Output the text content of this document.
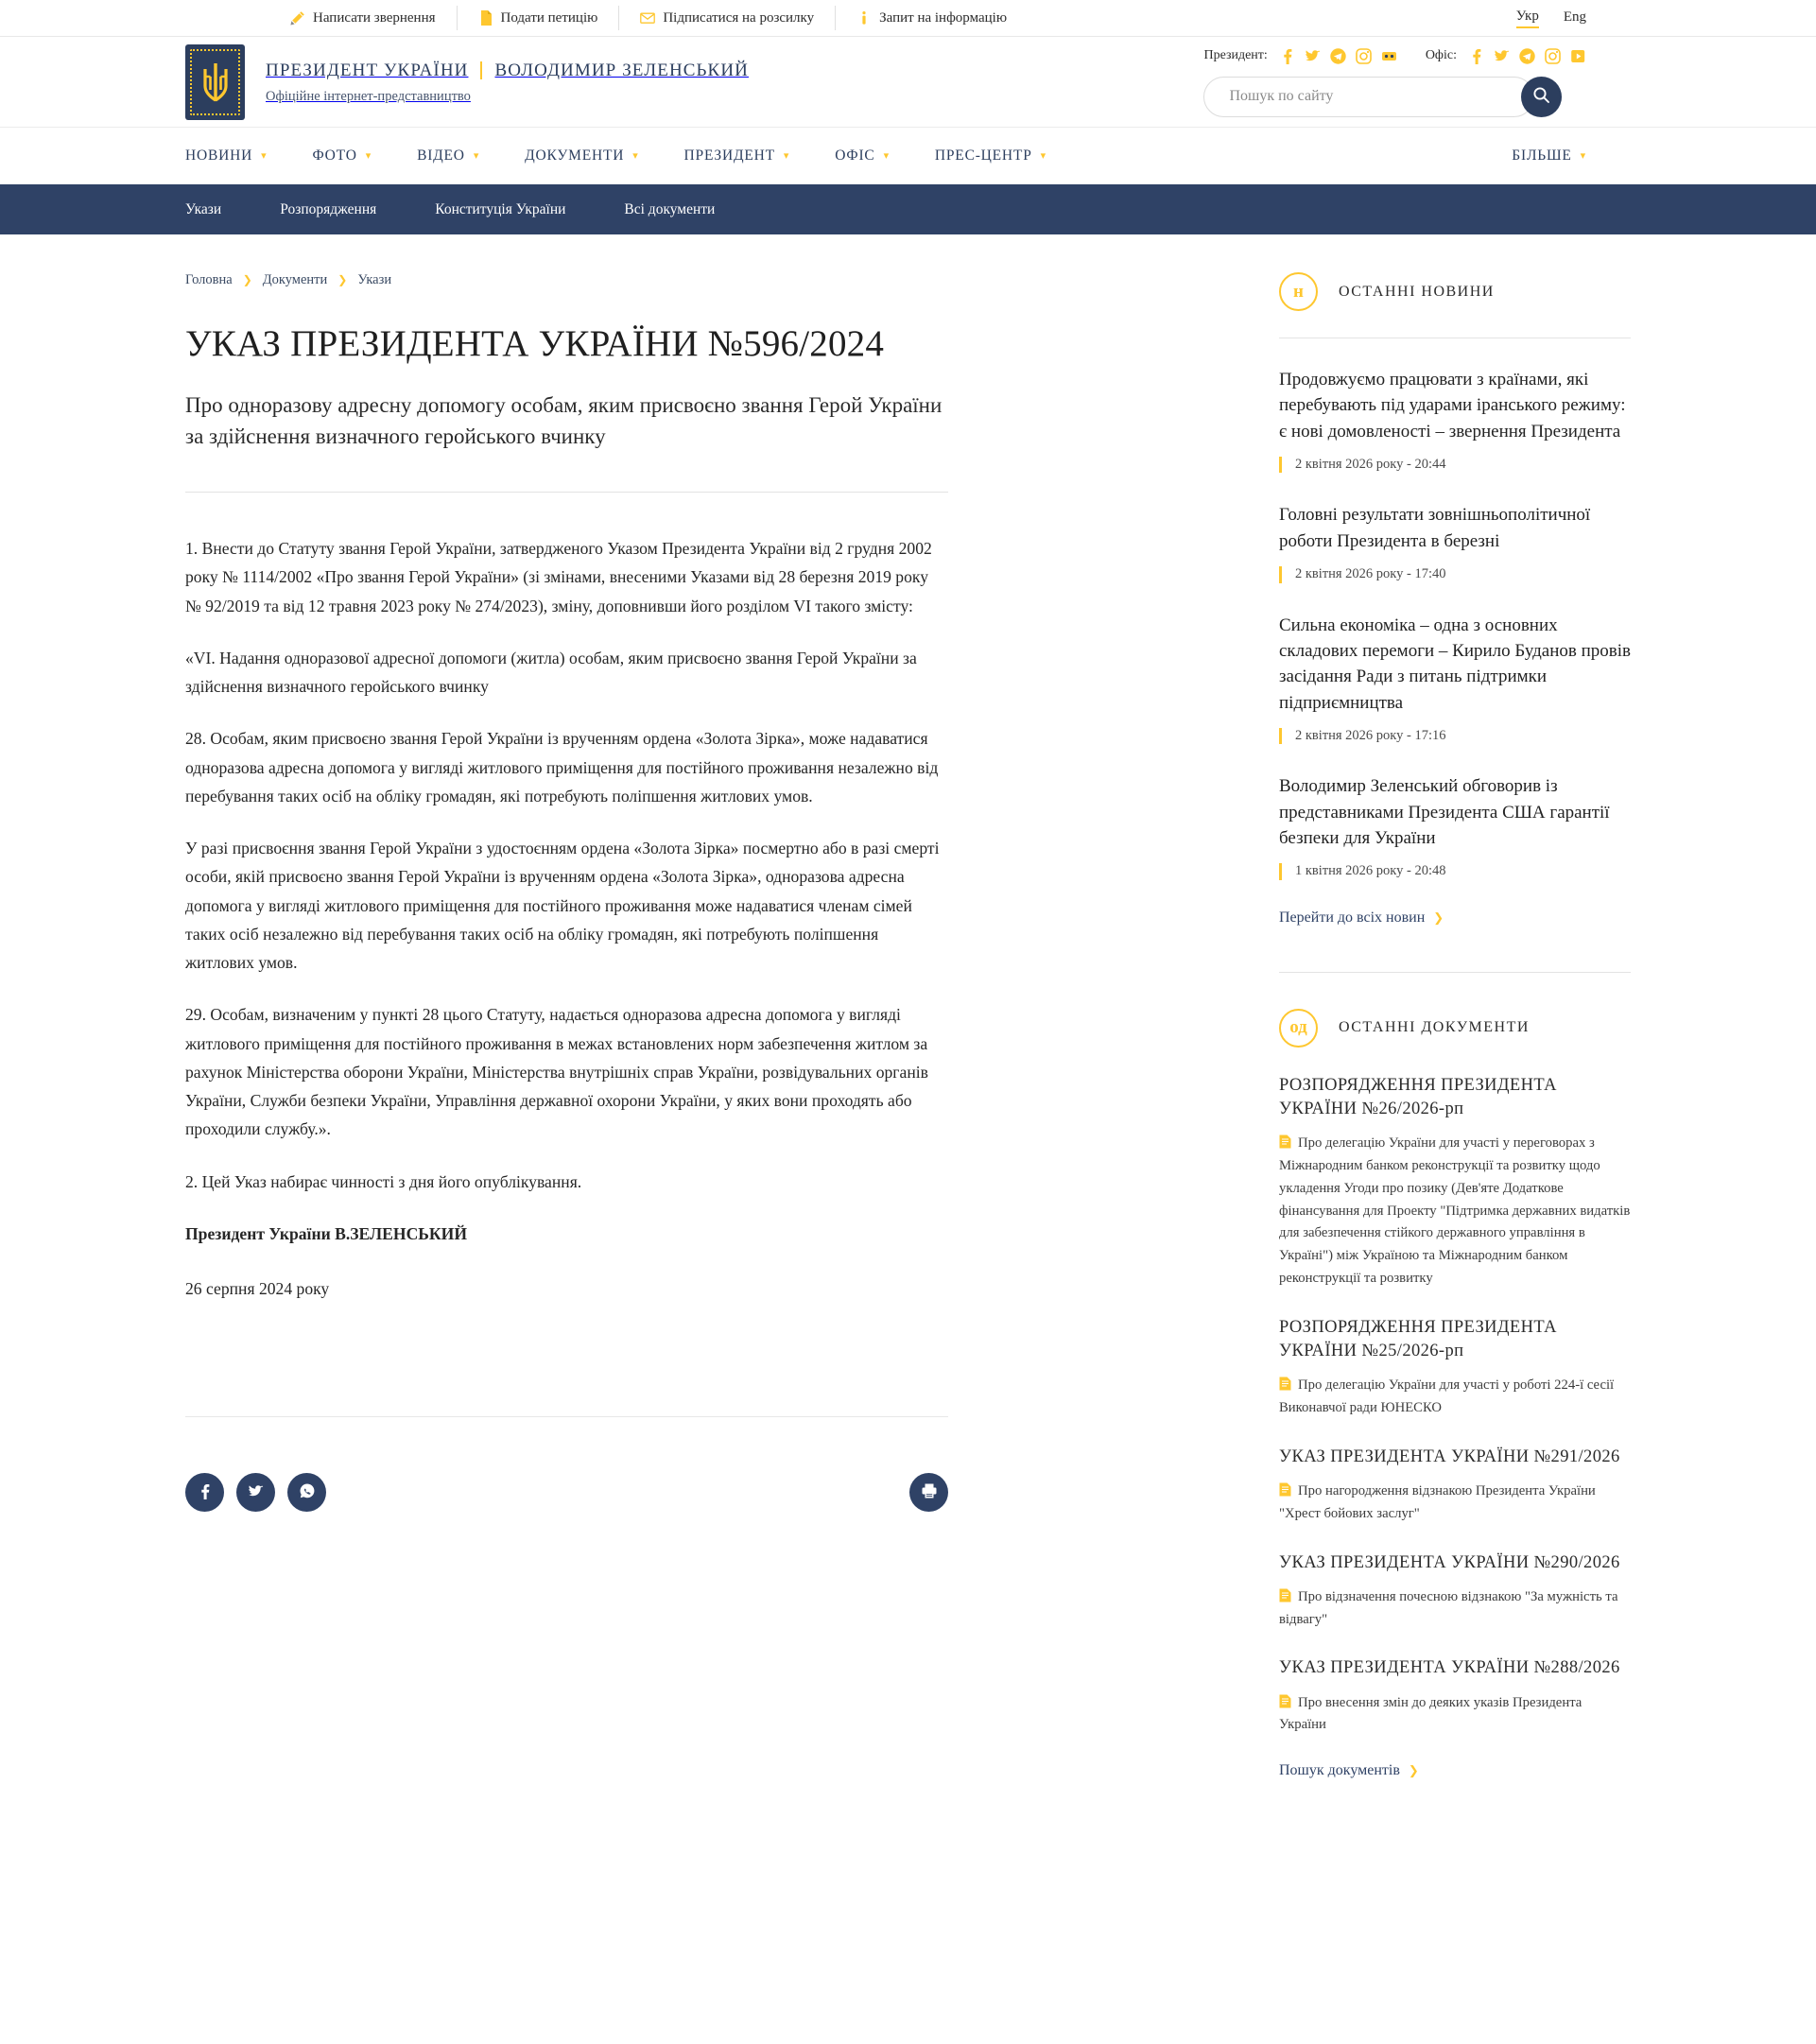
Написати звернення	Подати петицію	Підписатися на розсилку	Запит на інформацію	Укр Eng
ПРЕЗИДЕНТ УКРАЇНИ ВОЛОДИМИР ЗЕЛЕНСЬКИЙ
Офіційне інтернет-представництво
Президент:	Офіс:
Пошук по сайту
НОВИНИ ▾	ФОТО ▾	ВІДЕО ▾	ДОКУМЕНТИ ▾	ПРЕЗИДЕНТ ▾	ОФІС ▾	ПРЕС-ЦЕНТР ▾	БІЛЬШЕ ▾
Укази	Розпорядження	Конституція України	Всі документи
Головна ❯ Документи ❯ Укази
УКАЗ ПРЕЗИДЕНТА УКРАЇНИ №596/2024
Про одноразову адресну допомогу особам, яким присвоєно звання Герой України за здійснення визначного геройського вчинку

1. Внести до Статуту звання Герой України, затвердженого Указом Президента України від 2 грудня 2002 року № 1114/2002 «Про звання Герой України» (зі змінами, внесеними Указами від 28 березня 2019 року № 92/2019 та від 12 травня 2023 року № 274/2023), зміну, доповнивши його розділом VI такого змісту:

«VI. Надання одноразової адресної допомоги (житла) особам, яким присвоєно звання Герой України за здійснення визначного геройського вчинку

28. Особам, яким присвоєно звання Герой України із врученням ордена «Золота Зірка», може надаватися одноразова адресна допомога у вигляді житлового приміщення для постійного проживання незалежно від перебування таких осіб на обліку громадян, які потребують поліпшення житлових умов.

У разі присвоєння звання Герой України з удостоєнням ордена «Золота Зірка» посмертно або в разі смерті особи, якій присвоєно звання Герой України із врученням ордена «Золота Зірка», одноразова адресна допомога у вигляді житлового приміщення для постійного проживання може надаватися членам сімей таких осіб незалежно від перебування таких осіб на обліку громадян, які потребують поліпшення житлових умов.

29. Особам, визначеним у пункті 28 цього Статуту, надається одноразова адресна допомога у вигляді житлового приміщення для постійного проживання в межах встановлених норм забезпечення житлом за рахунок Міністерства оборони України, Міністерства внутрішніх справ України, розвідувальних органів України, Служби безпеки України, Управління державної охорони України, у яких вони проходять або проходили службу.».

2. Цей Указ набирає чинності з дня його опублікування.

Президент України В.ЗЕЛЕНСЬКИЙ

26 серпня 2024 року

н	ОСТАННІ НОВИНИ
Продовжуємо працювати з країнами, які перебувають під ударами іранського режиму: є нові домовленості – звернення Президента
2 квітня 2026 року - 20:44
Головні результати зовнішньополітичної роботи Президента в березні
2 квітня 2026 року - 17:40
Сильна економіка – одна з основних складових перемоги – Кирило Буданов провів засідання Ради з питань підтримки підприємництва
2 квітня 2026 року - 17:16
Володимир Зеленський обговорив із представниками Президента США гарантії безпеки для України
1 квітня 2026 року - 20:48
Перейти до всіх новин ❯
од	ОСТАННІ ДОКУМЕНТИ
РОЗПОРЯДЖЕННЯ ПРЕЗИДЕНТА УКРАЇНИ №26/2026-рп
Про делегацію України для участі у переговорах з Міжнародним банком реконструкції та розвитку щодо укладення Угоди про позику (Дев'яте Додаткове фінансування для Проекту "Підтримка державних видатків для забезпечення стійкого державного управління в Україні") між Україною та Міжнародним банком реконструкції та розвитку
РОЗПОРЯДЖЕННЯ ПРЕЗИДЕНТА УКРАЇНИ №25/2026-рп
Про делегацію України для участі у роботі 224-ї сесії Виконавчої ради ЮНЕСКО
УКАЗ ПРЕЗИДЕНТА УКРАЇНИ №291/2026
Про нагородження відзнакою Президента України "Хрест бойових заслуг"
УКАЗ ПРЕЗИДЕНТА УКРАЇНИ №290/2026
Про відзначення почесною відзнакою "За мужність та відвагу"
УКАЗ ПРЕЗИДЕНТА УКРАЇНИ №288/2026
Про внесення змін до деяких указів Президента України
Пошук документів ❯
